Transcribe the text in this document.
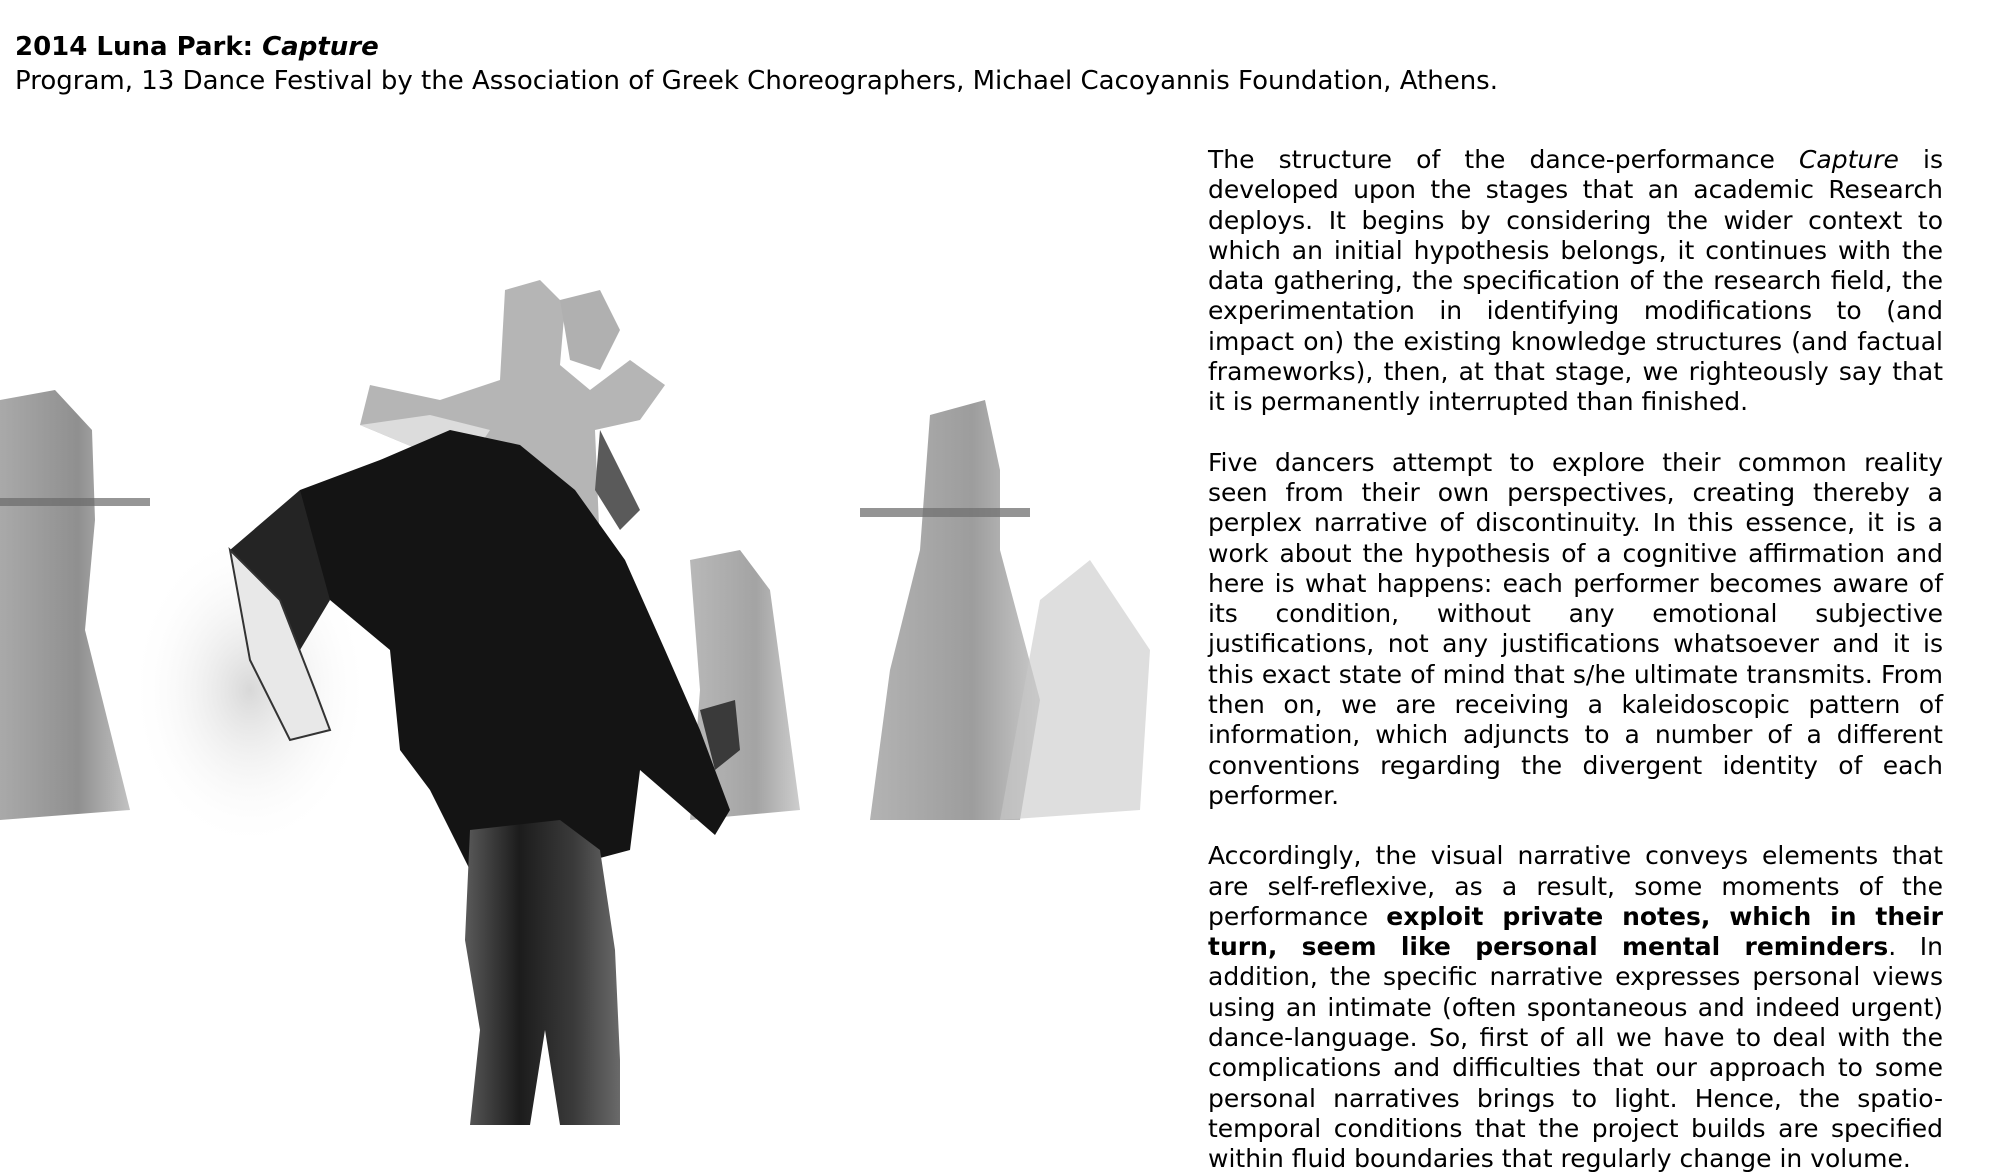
2014 Luna Park: Capture
Program, 13 Dance Festival by the Association of Greek Choreographers, Michael Cacoyannis Foundation, Athens.

The structure of the dance-performance Capture is developed upon the stages that an academic Research deploys. It begins by considering the wider context to which an initial hypothesis belongs, it continues with the data gathering, the specification of the research field, the experimentation in identifying modifications to (and impact on) the existing knowledge structures (and factual frameworks), then, at that stage, we righteously say that it is permanently interrupted than finished.

Five dancers attempt to explore their common reality seen from their own perspectives, creating thereby a perplex narrative of discontinuity. In this essence, it is a work about the hypothesis of a cognitive affirmation and here is what happens: each performer becomes aware of its condition, without any emotional subjective justifications, not any justifications whatsoever and it is this exact state of mind that s/he ultimate transmits. From then on, we are receiving a kaleidoscopic pattern of information, which adjuncts to a number of a different conventions regarding the divergent identity of each performer.

Accordingly, the visual narrative conveys elements that are self-reflexive, as a result, some moments of the performance exploit private notes, which in their turn, seem like personal mental reminders. In addition, the specific narrative expresses personal views using an intimate (often spontaneous and indeed urgent) dance-language. So, first of all we have to deal with the complications and difficulties that our approach to some personal narratives brings to light. Hence, the spatio-temporal conditions that the project builds are specified within fluid boundaries that regularly change in volume.
